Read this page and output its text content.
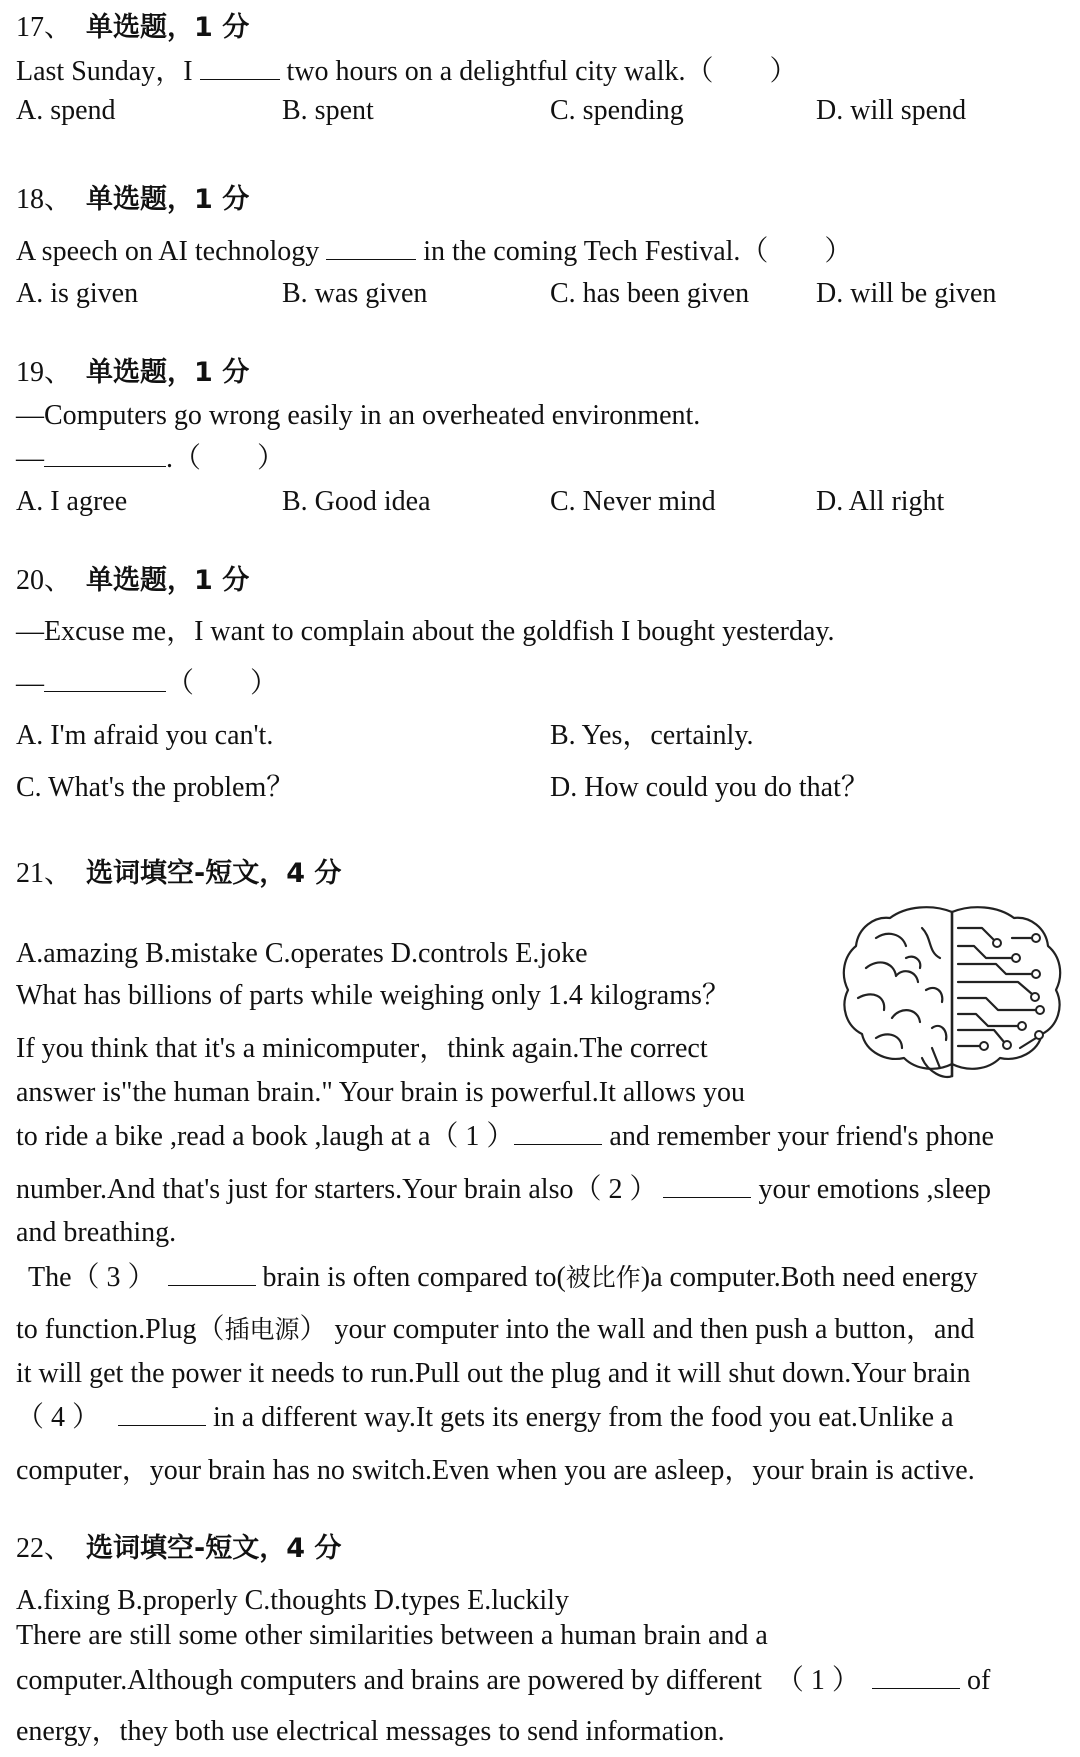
17、 单选题，1 分
Last Sunday，I	two hours on a delightful city walk.（　　）
A. spend	B. spent	C. spending	D. will spend
18、 单选题，1 分
A speech on AI technology	in the coming Tech Festival.（　　）
A. is given	B. was given	C. has been given D. will be given
19、 单选题，1 分
—Computers go wrong easily in an overheated environment.
—	.（　　）
A. I agree	B. Good idea	C. Never mind	D. All right
20、 单选题，1 分
—Excuse me，I want to complain about the goldfish I bought yesterday.
—	（　　）
A. I'm afraid you can't.	B. Yes，certainly.
C. What's the problem？	D. How could you do that？
21、 选词填空-短文，4 分
A.amazing B.mistake C.operates D.controls E.joke
What has billions of parts while weighing only 1.4 kilograms？
If you think that it's a minicomputer，think again.The correct
answer is"the human brain." Your brain is powerful.It allows you
to ride a bike ,read a book ,laugh at a（ 1 ）	and remember your friend's phone
number.And that's just for starters.Your brain also（ 2 ）	your emotions ,sleep
and breathing.
The（ 3 ）	brain is often compared to(被比作)a computer.Both need energy
to function.Plug（插电源） your computer into the wall and then push a button，and
it will get the power it needs to run.Pull out the plug and it will shut down.Your brain
（ 4 ）	in a different way.It gets its energy from the food you eat.Unlike a
computer，your brain has no switch.Even when you are asleep，your brain is active.
22、 选词填空-短文，4 分
A.fixing B.properly C.thoughts D.types E.luckily
There are still some other similarities between a human brain and a
computer.Although computers and brains are powered by different　（ 1 ）	of
energy，they both use electrical messages to send information.
